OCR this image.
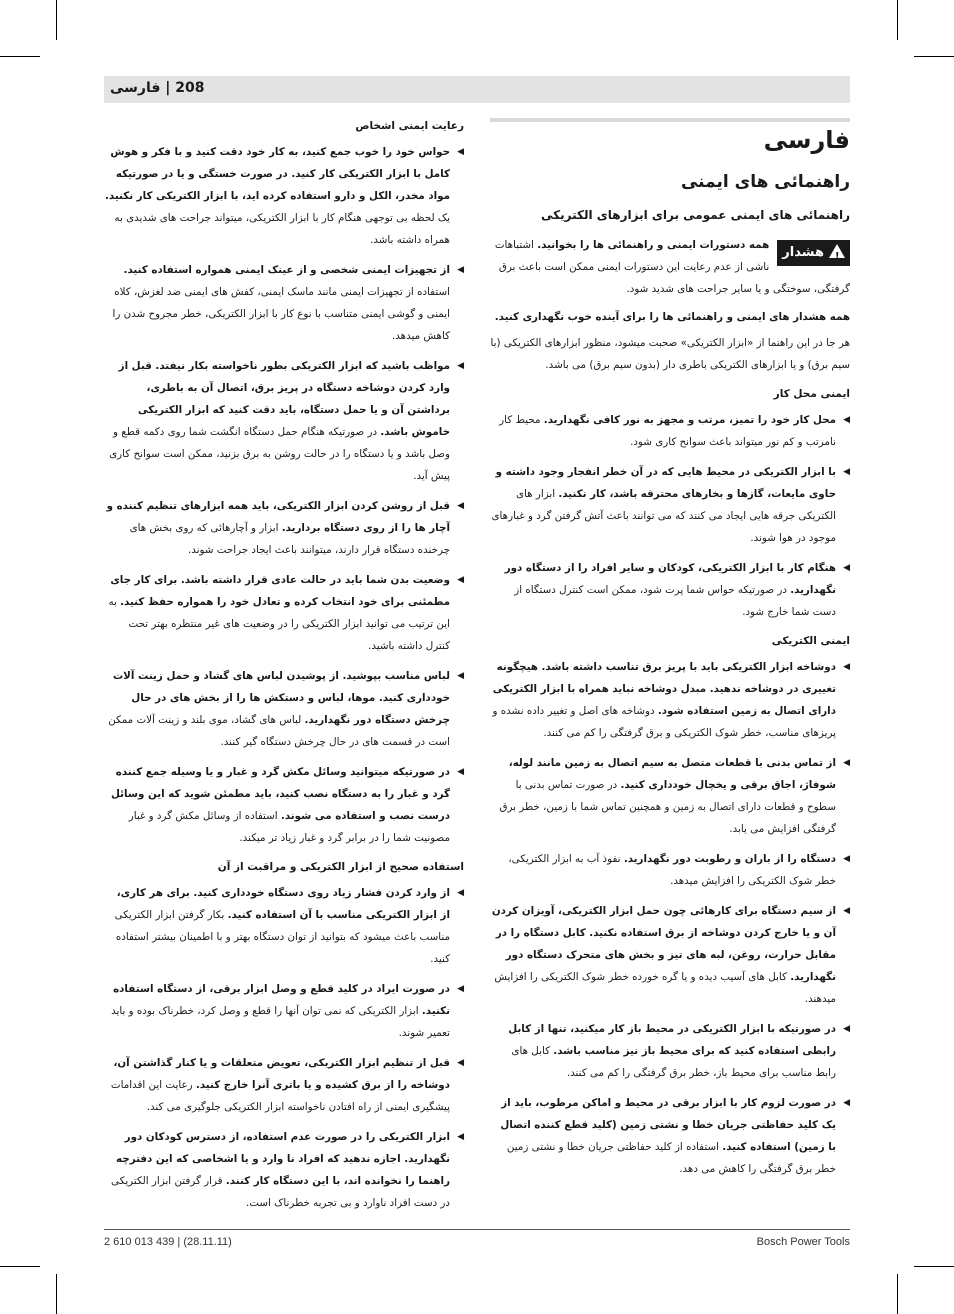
208 | فارسی
فارسی
راهنمائی های ایمنی
راهنمائی های ایمنی عمومی برای ابزارهای الکتریکی
!
هشدار
همه دستورات ایمنی و راهنمائی ها را بخوانید. اشتباهات ناشی از عدم رعایت این دستورات ایمنی ممکن است باعث برق گرفتگی، سوختگی و یا سایر جراحت های شدید شود.
همه هشدار های ایمنی و راهنمائی ها را برای آینده خوب نگهداری کنید.
هر جا در این راهنما از «ابزار الکتریکی» صحبت میشود، منظور ابزارهای الکتریکی (با سیم برق) و یا ابزارهای الکتریکی باطری دار (بدون سیم برق) می باشد.
ایمنی محل کار
◀
محل کار خود را تمیز، مرتب و مجهز به نور کافی نگهدارید. محیط کار نامرتب و کم نور میتواند باعث سوانح کاری شود.
◀
با ابزار الکتریکی در محیط هایی که در آن خطر انفجار وجود داشته و حاوی مایعات، گازها و بخارهای محترقه باشد، کار نکنید. ابزار های الکتریکی جرقه هایی ایجاد می کنند که می توانند باعث آتش گرفتن گرد و غبارهای موجود در هوا شوند.
◀
هنگام کار با ابزار الکتریکی، کودکان و سایر افراد را از دستگاه دور نگهدارید. در صورتیکه حواس شما پرت شود، ممکن است کنترل دستگاه از دست شما خارج شود.
ایمنی الکتریکی
◀
دوشاخه ابزار الکتریکی باید با پریز برق تناسب داشته باشد. هیچگونه تغییری در دوشاخه ندهید. مبدل دوشاخه نباید همراه با ابزار الکتریکی دارای اتصال به زمین استفاده شود. دوشاخه های اصل و تغییر داده نشده و پریزهای مناسب، خطر شوک الکتریکی و برق گرفتگی را کم می کنند.
◀
از تماس بدنی با قطعات متصل به سیم اتصال به زمین مانند لوله، شوفاژ، اجاق برقی و یخچال خودداری کنید. در صورت تماس بدنی با سطوح و قطعات دارای اتصال به زمین و همچنین تماس شما با زمین، خطر برق گرفتگی افزایش می یابد.
◀
دستگاه را از باران و رطوبت دور نگهدارید. نفوذ آب به ابزار الکتریکی، خطر شوک الکتریکی را افزایش میدهد.
◀
از سیم دستگاه برای کارهائی چون حمل ابزار الکتریکی، آویزان کردن آن و یا خارج کردن دوشاخه از برق استفاده نکنید. کابل دستگاه را در مقابل حرارت، روغن، لبه های تیز و بخش های متحرک دستگاه دور نگهدارید. کابل های آسیب دیده و یا گره خورده خطر شوک الکتریکی را افزایش میدهند.
◀
در صورتیکه با ابزار الکتریکی در محیط باز کار میکنید، تنها از کابل رابطی استفاده کنید که برای محیط باز نیز مناسب باشد. کابل های رابط مناسب برای محیط باز، خطر برق گرفتگی را کم می کنند.
◀
در صورت لزوم کار با ابزار برقی در محیط و اماکن مرطوب، باید از یک کلید حفاظتی جریان خطا و نشتی زمین (کلید قطع کننده اتصال با زمین) استفاده کنید. استفاده از کلید حفاظتی جریان خطا و نشتی زمین خطر برق گرفتگی را کاهش می دهد.
رعایت ایمنی اشخاص
◀
حواس خود را خوب جمع کنید، به کار خود دقت کنید و با فکر و هوش کامل با ابزار الکتریکی کار کنید. در صورت خستگی و یا در صورتیکه مواد مخدر، الکل و دارو استفاده کرده اید، با ابزار الکتریکی کار نکنید. یک لحظه بی توجهی هنگام کار با ابزار الکتریکی، میتواند جراحت های شدیدی به همراه داشته باشد.
◀
از تجهیزات ایمنی شخصی و از عینک ایمنی همواره استفاده کنید. استفاده از تجهیزات ایمنی مانند ماسک ایمنی، کفش های ایمنی ضد لغزش، کلاه ایمنی و گوشی ایمنی متناسب با نوع کار با ابزار الکتریکی، خطر مجروح شدن را کاهش میدهد.
◀
مواظب باشید که ابزار الکتریکی بطور ناخواسته بکار نیفتد. قبل از وارد کردن دوشاخه دستگاه در پریز برق، اتصال آن به باطری، برداشتن آن و یا حمل دستگاه، باید دقت کنید که ابزار الکتریکی خاموش باشد. در صورتیکه هنگام حمل دستگاه انگشت شما روی دکمه قطع و وصل باشد و یا دستگاه را در حالت روشن به برق بزنید، ممکن است سوانح کاری پیش آید.
◀
قبل از روشن کردن ابزار الکتریکی، باید همه ابزارهای تنظیم کننده و آچار ها را از روی دستگاه بردارید. ابزار و آچارهائی که روی بخش های چرخنده دستگاه قرار دارند، میتوانند باعث ایجاد جراحت شوند.
◀
وضعیت بدن شما باید در حالت عادی قرار داشته باشد. برای کار جای مطمئنی برای خود انتخاب کرده و تعادل خود را همواره حفظ کنید. به این ترتیب می توانید ابزار الکتریکی را در وضعیت های غیر منتظره بهتر تحت کنترل داشته باشید.
◀
لباس مناسب بپوشید. از پوشیدن لباس های گشاد و حمل زینت آلات خودداری کنید. موها، لباس و دستکش ها را از بخش های در حال چرخش دستگاه دور نگهدارید. لباس های گشاد، موی بلند و زینت آلات ممکن است در قسمت های در حال چرخش دستگاه گیر کنند.
◀
در صورتیکه میتوانید وسائل مکش گرد و غبار و یا وسیله جمع کننده گرد و غبار را به دستگاه نصب کنید، باید مطمئن شوید که این وسائل درست نصب و استفاده می شوند. استفاده از وسائل مکش گرد و غبار مصونیت شما را در برابر گرد و غبار زیاد تر میکند.
استفاده صحیح از ابزار الکتریکی و مراقبت از آن
◀
از وارد کردن فشار زیاد روی دستگاه خودداری کنید. برای هر کاری، از ابزار الکتریکی مناسب با آن استفاده کنید. بکار گرفتن ابزار الکتریکی مناسب باعث میشود که بتوانید از توان دستگاه بهتر و با اطمینان بیشتر استفاده کنید.
◀
در صورت ایراد در کلید قطع و وصل ابزار برقی، از دستگاه استفاده نکنید. ابزار الکتریکی که نمی توان آنها را قطع و وصل کرد، خطرناک بوده و باید تعمیر شوند.
◀
قبل از تنظیم ابزار الکتریکی، تعویض متعلقات و یا کنار گذاشتن آن، دوشاخه را از برق کشیده و یا باتری آنرا خارج کنید. رعایت این اقدامات پیشگیری ایمنی از راه افتادن ناخواسته ابزار الکتریکی جلوگیری می کند.
◀
ابزار الکتریکی را در صورت عدم استفاده، از دسترس کودکان دور نگهدارید. اجازه ندهید که افراد نا وارد و یا اشخاصی که این دفترچه راهنما را نخوانده اند، با این دستگاه کار کنند. قرار گرفتن ابزار الکتریکی در دست افراد ناوارد و بی تجربه خطرناک است.
2 610 013 439 | (28.11.11)	Bosch Power Tools
